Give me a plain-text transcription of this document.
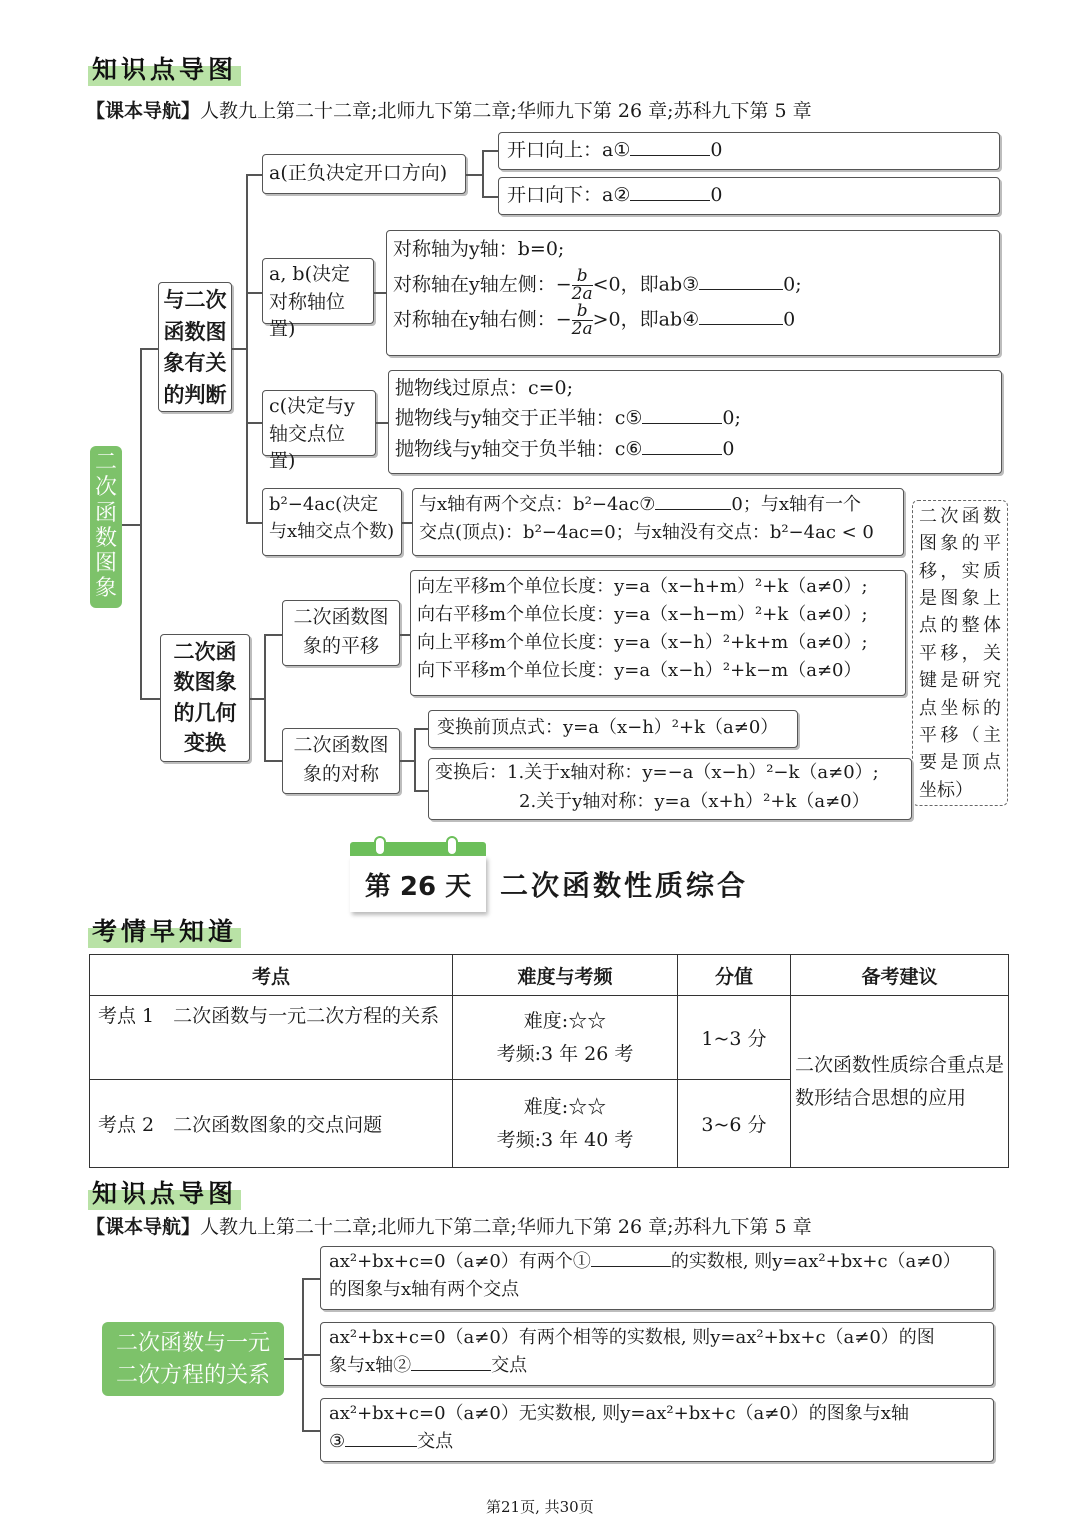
知识点导图
【课本导航】人教九上第二十二章;北师九下第二章;华师九下第 26 章;苏科九下第 5 章
二次函数图象
与二次函数图象有关的判断
二次函数图象的几何变换
a(正负决定开口方向)
开口向上：a①	0
开口向下：a②	0
a, b(决定对称轴位置)
对称轴为y轴：b=0;
对称轴在y轴左侧：− $\frac{b}{2a} <0$，即ab③	0;
对称轴在y轴右侧：− $\frac{b}{2a} >0$，即ab④	0
c(决定与y轴交点位置)
抛物线过原点：c=0;
抛物线与y轴交于正半轴：c⑤	0;
抛物线与y轴交于负半轴：c⑥	0
b²−4ac(决定与x轴交点个数)
与x轴有两个交点：b²−4ac⑦	0；与x轴有一个
交点(顶点)：b²−4ac=0；与x轴没有交点：b²−4ac < 0
二次函数图象的平移，实质是图象上点的整体平移，关键是研究点坐标的平移（主要是顶点坐标）
二次函数图象的平移
向左平移m个单位长度：y=a（x−h+m）²+k（a≠0）;
向右平移m个单位长度：y=a（x−h−m）²+k（a≠0）;
向上平移m个单位长度：y=a（x−h）²+k+m（a≠0）;
向下平移m个单位长度：y=a（x−h）²+k−m（a≠0）
二次函数图象的对称
变换前顶点式：y=a（x−h）²+k（a≠0）
变换后：1.关于x轴对称：y=−a（x−h）²−k（a≠0）;
2.关于y轴对称：y=a（x+h）²+k（a≠0）
第 26 天	二次函数性质综合
考情早知道
考点	难度与考频	分值	备考建议
考点 1　二次函数与一元二次方程的关系	难度:☆☆
考频:3 年 26 考	1~3 分	二次函数性质综合重点是数形结合思想的应用
考点 2　二次函数图象的交点问题	难度:☆☆
考频:3 年 40 考	3~6 分	
知识点导图
【课本导航】人教九上第二十二章;北师九下第二章;华师九下第 26 章;苏科九下第 5 章
二次函数与一元二次方程的关系
ax²+bx+c=0（a≠0）有两个①	的实数根, 则y=ax²+bx+c（a≠0）
的图象与x轴有两个交点
ax²+bx+c=0（a≠0）有两个相等的实数根, 则y=ax²+bx+c（a≠0）的图
象与x轴②	交点
ax²+bx+c=0（a≠0）无实数根, 则y=ax²+bx+c（a≠0）的图象与x轴
③	交点
第21页, 共30页
